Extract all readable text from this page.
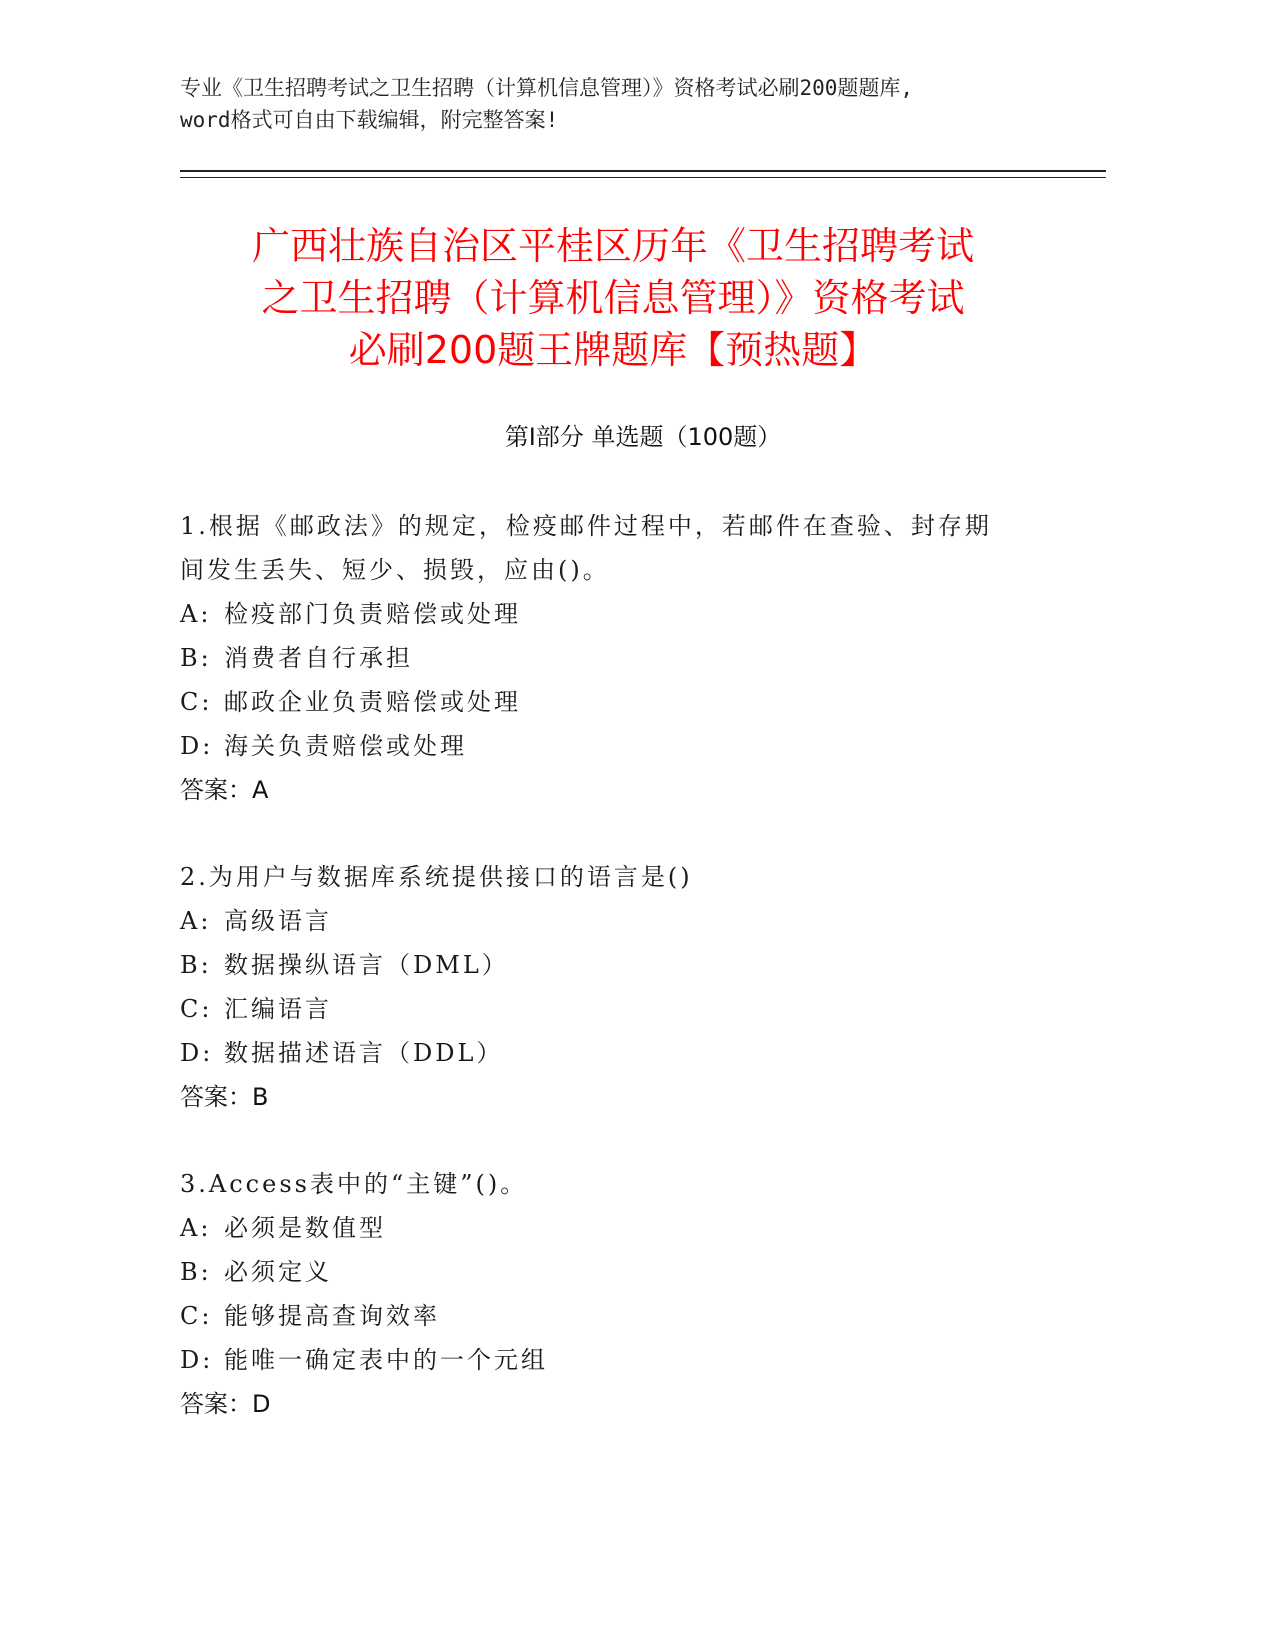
专业《卫生招聘考试之卫生招聘（计算机信息管理）》资格考试必刷200题题库,
word格式可自由下载编辑，附完整答案!
广西壮族自治区平桂区历年《卫生招聘考试
之卫生招聘（计算机信息管理）》资格考试
必刷200题王牌题库【预热题】
第Ⅰ部分 单选题（100题）
1.根据《邮政法》的规定，检疫邮件过程中，若邮件在查验、封存期
间发生丢失、短少、损毁，应由()。
A: 检疫部门负责赔偿或处理
B: 消费者自行承担
C: 邮政企业负责赔偿或处理
D: 海关负责赔偿或处理
答案：A
2.为用户与数据库系统提供接口的语言是()
A: 高级语言
B: 数据操纵语言（DML）
C: 汇编语言
D: 数据描述语言（DDL）
答案：B
3.Access表中的“主键”()。
A: 必须是数值型
B: 必须定义
C: 能够提高查询效率
D: 能唯一确定表中的一个元组
答案：D
